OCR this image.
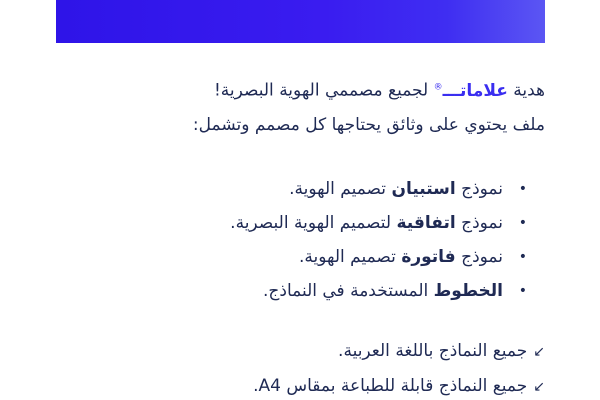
هدية علاماتـــ® لجميع مصممي الهوية البصرية!

ملف يحتوي على وثائق يحتاجها كل مصمم وتشمل:

•
نموذج استبيان تصميم الهوية.
•
نموذج اتفاقية لتصميم الهوية البصرية.
•
نموذج فاتورة تصميم الهوية.
•
الخطوط المستخدمة في النماذج.
↙جميع النماذج باللغة العربية.
↙جميع النماذج قابلة للطباعة بمقاس A4.
